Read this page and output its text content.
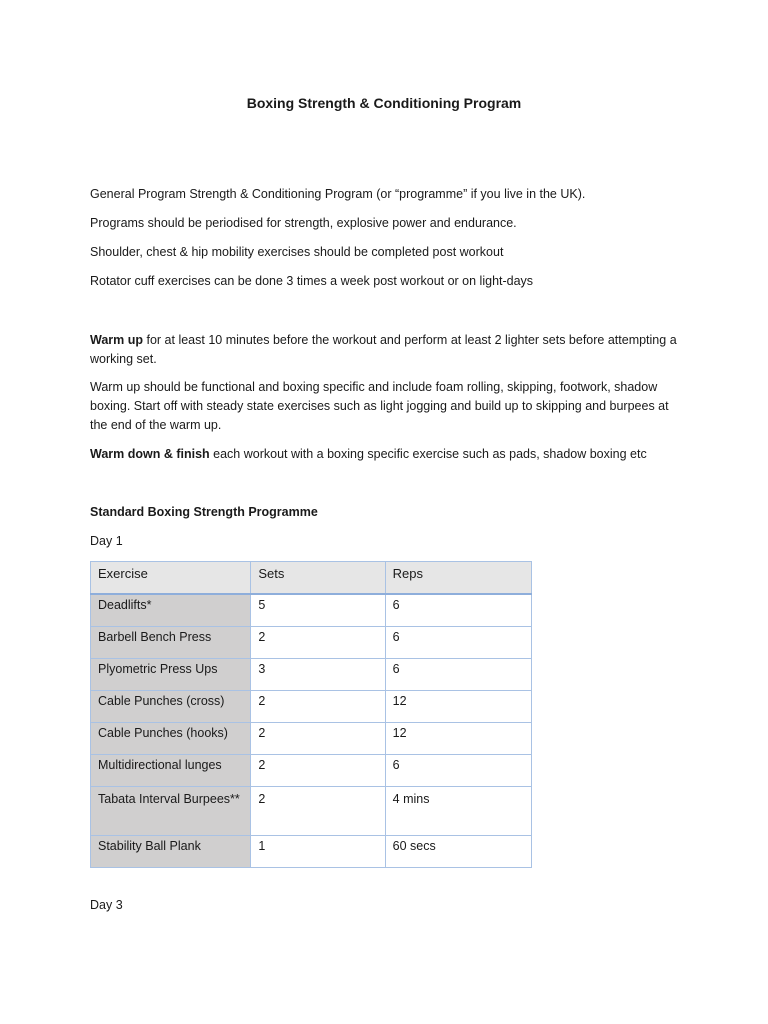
Boxing Strength & Conditioning Program
General Program Strength & Conditioning Program (or “programme” if you live in the UK).
Programs should be periodised for strength, explosive power and endurance.
Shoulder, chest & hip mobility exercises should be completed post workout
Rotator cuff exercises can be done 3 times a week post workout or on light-days
Warm up for at least 10 minutes before the workout and perform at least 2 lighter sets before attempting a working set.
Warm up should be functional and boxing specific and include foam rolling, skipping, footwork, shadow boxing. Start off with steady state exercises such as light jogging and build up to skipping and burpees at the end of the warm up.
Warm down & finish each workout with a boxing specific exercise such as pads, shadow boxing etc
Standard Boxing Strength Programme
Day 1
Exercise	Sets	Reps
Deadlifts*	5	6
Barbell Bench Press	2	6
Plyometric Press Ups	3	6
Cable Punches (cross)	2	12
Cable Punches (hooks)	2	12
Multidirectional lunges	2	6
Tabata Interval Burpees**	2	4 mins
Stability Ball Plank	1	60 secs
Day 3
